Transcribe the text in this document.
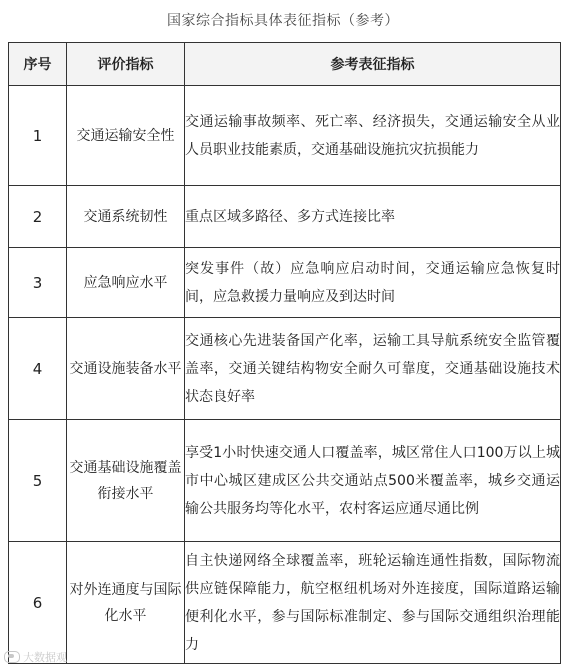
国家综合指标具体表征指标（参考）
序号	评价指标	参考表征指标
1	交通运输安全性	交通运输事故频率、死亡率、经济损失，交通运输安全从业人员职业技能素质，交通基础设施抗灾抗损能力
2	交通系统韧性	重点区域多路径、多方式连接比率
3	应急响应水平	突发事件（故）应急响应启动时间，交通运输应急恢复时间，应急救援力量响应及到达时间
4	交通设施装备水平	交通核心先进装备国产化率，运输工具导航系统安全监管覆盖率，交通关键结构物安全耐久可靠度，交通基础设施技术状态良好率
5	交通基础设施覆盖衔接水平	享受1小时快速交通人口覆盖率，城区常住人口100万以上城市中心城区建成区公共交通站点500米覆盖率，城乡交通运输公共服务均等化水平，农村客运应通尽通比例
6	对外连通度与国际化水平	自主快递网络全球覆盖率，班轮运输连通性指数，国际物流供应链保障能力，航空枢纽机场对外连接度，国际道路运输便利化水平，参与国际标准制定、参与国际交通组织治理能力
大数据观
